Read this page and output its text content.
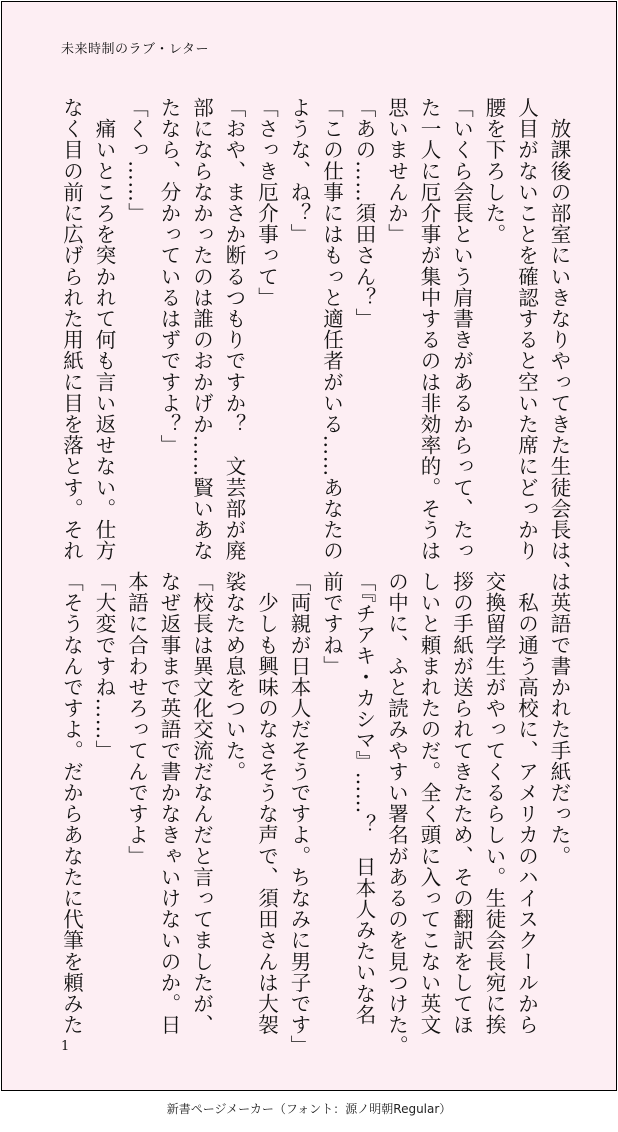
未来時制のラブ・レター
　放課後の部室にいきなりやってきた生徒会長は、
人目がないことを確認すると空いた席にどっかり
腰を下ろした。
「いくら会長という肩書きがあるからって、たっ
た一人に厄介事が集中するのは非効率的。そうは
思いませんか」
「あの……須田さん？」
「この仕事にはもっと適任者がいる……あなたの
ような、ね？」
「さっき厄介事って」
「おや、まさか断るつもりですか？　文芸部が廃
部にならなかったのは誰のおかげか……賢いあな
たなら、分かっているはずですよ？」
「くっ……」
　痛いところを突かれて何も言い返せない。仕方
なく目の前に広げられた用紙に目を落とす。それ
は英語で書かれた手紙だった。
　私の通う高校に、アメリカのハイスクールから
交換留学生がやってくるらしい。生徒会長宛に挨
拶の手紙が送られてきたため、その翻訳をしてほ
しいと頼まれたのだ。全く頭に入ってこない英文
の中に、ふと読みやすい署名があるのを見つけた。
「『チアキ・カシマ』……？　日本人みたいな名
前ですね」
「両親が日本人だそうですよ。ちなみに男子です」
　少しも興味のなさそうな声で、須田さんは大袈
裟なため息をついた。
「校長は異文化交流だなんだと言ってましたが、
なぜ返事まで英語で書かなきゃいけないのか。日
本語に合わせろってんですよ」
「大変ですね……」
「そうなんですよ。だからあなたに代筆を頼みた
1
新書ページメーカー（フォント：源ノ明朝Regular）
